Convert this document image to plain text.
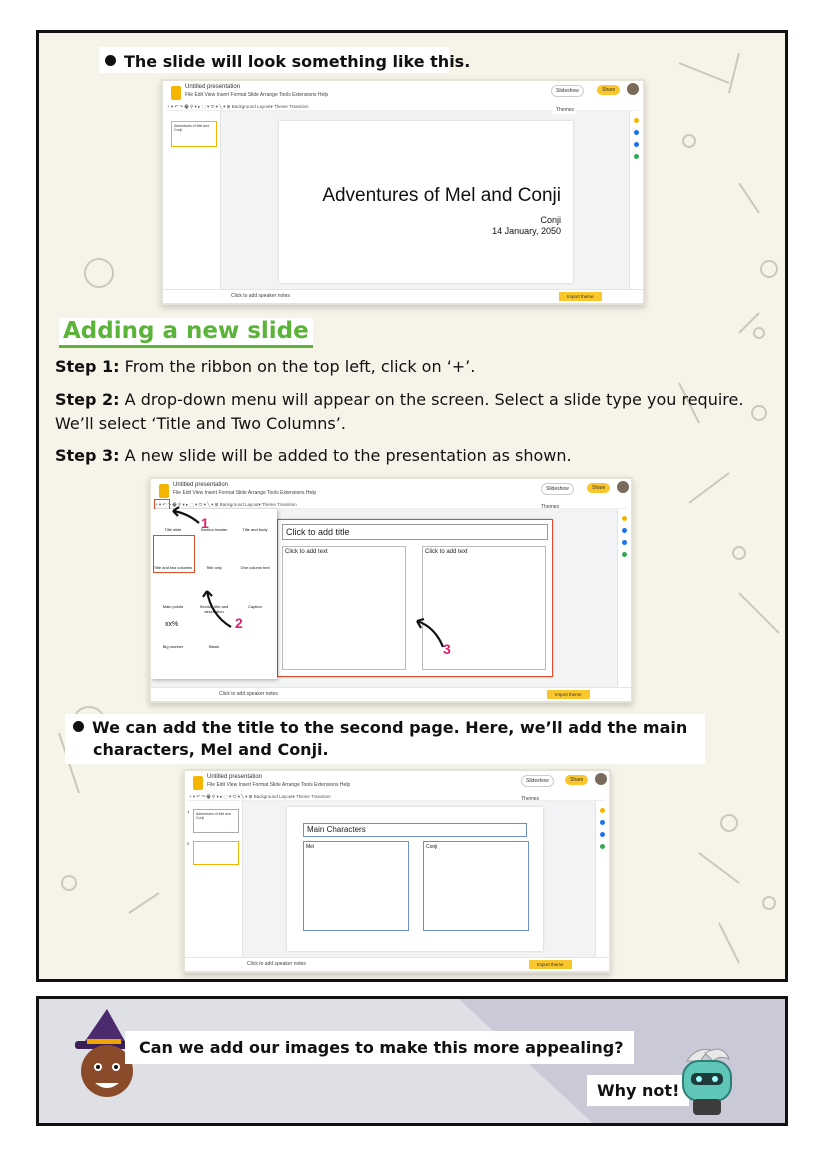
The slide will look something like this.
Untitled presentation
File Edit View Insert Format Slide Arrange Tools Extensions Help
Slideshow	Share
+ ▾ ↶ ↷ 🖶 ⚲ ▾ ▸ ⬚ ▾ ⬭ ▾ ╲ ▾ ⊞ Background Layout▾ Theme Transition
Adventures of Mel and Conji
Adventures of Mel and Conji
Conji
14 January, 2050
Themes
Click to add speaker notes	Import theme
Adding a new slide
Step 1: From the ribbon on the top left, click on ‘+’.
Step 2: A drop-down menu will appear on the screen. Select a slide type you require. We’ll select ‘Title and Two Columns’.
Step 3: A new slide will be added to the presentation as shown.
Untitled presentation
File Edit View Insert Format Slide Arrange Tools Extensions Help
Slideshow	Share
+ ▾ ↶ ↷ 🖶 ⚲ ▾ ▸ ⬚ ▾ ⬭ ▾ ╲ ▾ ⊞ Background Layout▾ Theme Transition
Click to add title
Click to add text	Click to add text
Title slide	Section header	Title and body
Title and two columns	Title only	One column text
Main points	Section title and description
Caption
xx%
Big number	Blank
1
2
3
Themes
Click to add speaker notes	Import theme
We can add the title to the second page. Here, we’ll add the main characters, Mel and Conji.
Untitled presentation
File Edit View Insert Format Slide Arrange Tools Extensions Help
Slideshow	Share
+ ▾ ↶ ↷ 🖶 ⚲ ▾ ▸ ⬚ ▾ ⬭ ▾ ╲ ▾ ⊞ Background Layout▾ Theme Transition
1	Adventures of Mel and Conji
2
Main Characters
Mel	Conji
Themes
Click to add speaker notes	Import theme
Can we add our images to make this more appealing?
Why not!
